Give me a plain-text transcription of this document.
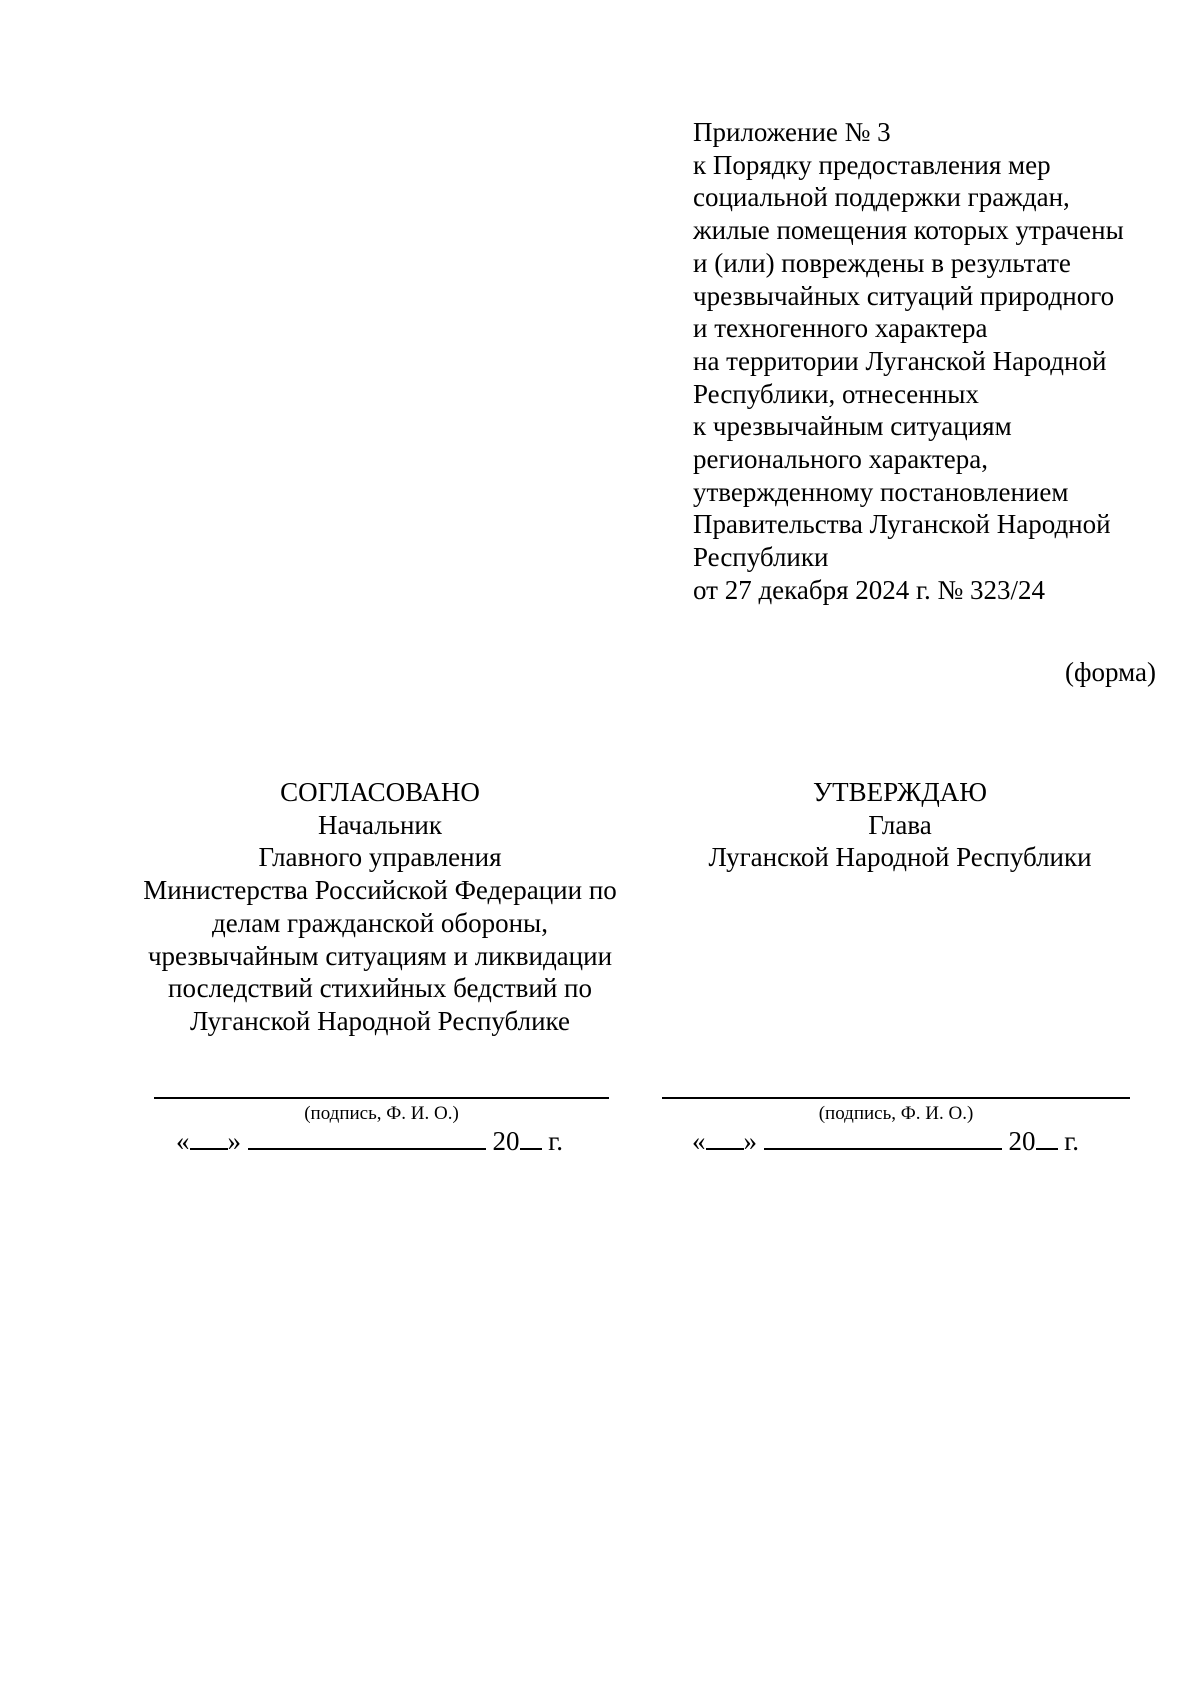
Приложение № 3
к Порядку предоставления мер
социальной поддержки граждан,
жилые помещения которых утрачены
и (или) повреждены в результате
чрезвычайных ситуаций природного
и техногенного характера
на территории Луганской Народной
Республики, отнесенных
к чрезвычайным ситуациям
регионального характера,
утвержденному постановлением
Правительства Луганской Народной
Республики
от 27 декабря 2024 г. № 323/24
(форма)
СОГЛАСОВАНО
Начальник
Главного управления
Министерства Российской Федерации по
делам гражданской обороны,
чрезвычайным ситуациям и ликвидации
последствий стихийных бедствий по
Луганской Народной Республике
УТВЕРЖДАЮ
Глава
Луганской Народной Республики
(подпись, Ф. И. О.)
« »	20 г.
(подпись, Ф. И. О.)
« »	20 г.
